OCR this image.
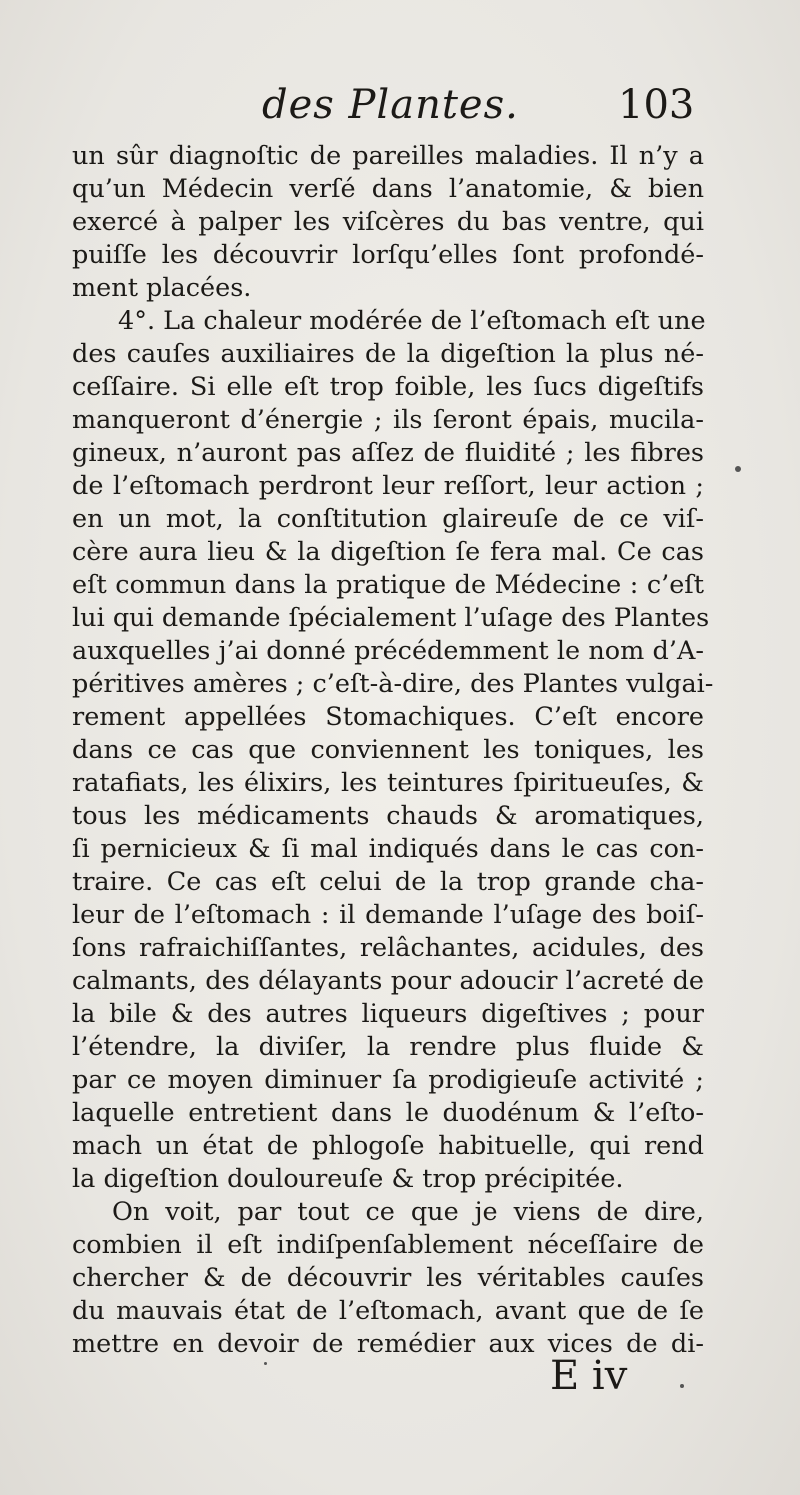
des Plantes. 103
un sûr diagnoſtic de pareilles maladies. Il n’y a
qu’un Médecin verſé dans l’anatomie, & bien
exercé à palper les viſcères du bas ventre, qui
puiſſe les découvrir lorſqu’elles ſont profondé-
ment placées.
4°. La chaleur modérée de l’eſtomach eſt une
des cauſes auxiliaires de la digeſtion la plus né-
ceſſaire. Si elle eſt trop foible, les ſucs digeſtifs
manqueront d’énergie ; ils ſeront épais, mucila-
gineux, n’auront pas aſſez de fluidité ; les fibres
de l’eſtomach perdront leur reſſort, leur action ;
en un mot, la conſtitution glaireuſe de ce viſ-
cère aura lieu & la digeſtion ſe fera mal. Ce cas
eſt commun dans la pratique de Médecine : c’eſt
lui qui demande ſpécialement l’uſage des Plantes
auxquelles j’ai donné précédemment le nom d’A-
péritives amères ; c’eſt-à-dire, des Plantes vulgai-
rement appellées Stomachiques. C’eſt encore
dans ce cas que conviennent les toniques, les
ratafiats, les élixirs, les teintures ſpiritueuſes, &
tous les médicaments chauds & aromatiques,
ſi pernicieux & ſi mal indiqués dans le cas con-
traire. Ce cas eſt celui de la trop grande cha-
leur de l’eſtomach : il demande l’uſage des boiſ-
ſons rafraichiſſantes, relâchantes, acidules, des
calmants, des délayants pour adoucir l’acreté de
la bile & des autres liqueurs digeſtives ; pour
l’étendre, la diviſer, la rendre plus fluide &
par ce moyen diminuer ſa prodigieuſe activité ;
laquelle entretient dans le duodénum & l’eſto-
mach un état de phlogoſe habituelle, qui rend
la digeſtion douloureuſe & trop précipitée.
On voit, par tout ce que je viens de dire,
combien il eſt indiſpenſablement néceſſaire de
chercher & de découvrir les véritables cauſes
du mauvais état de l’eſtomach, avant que de ſe
mettre en devoir de remédier aux vices de di-
E iv
